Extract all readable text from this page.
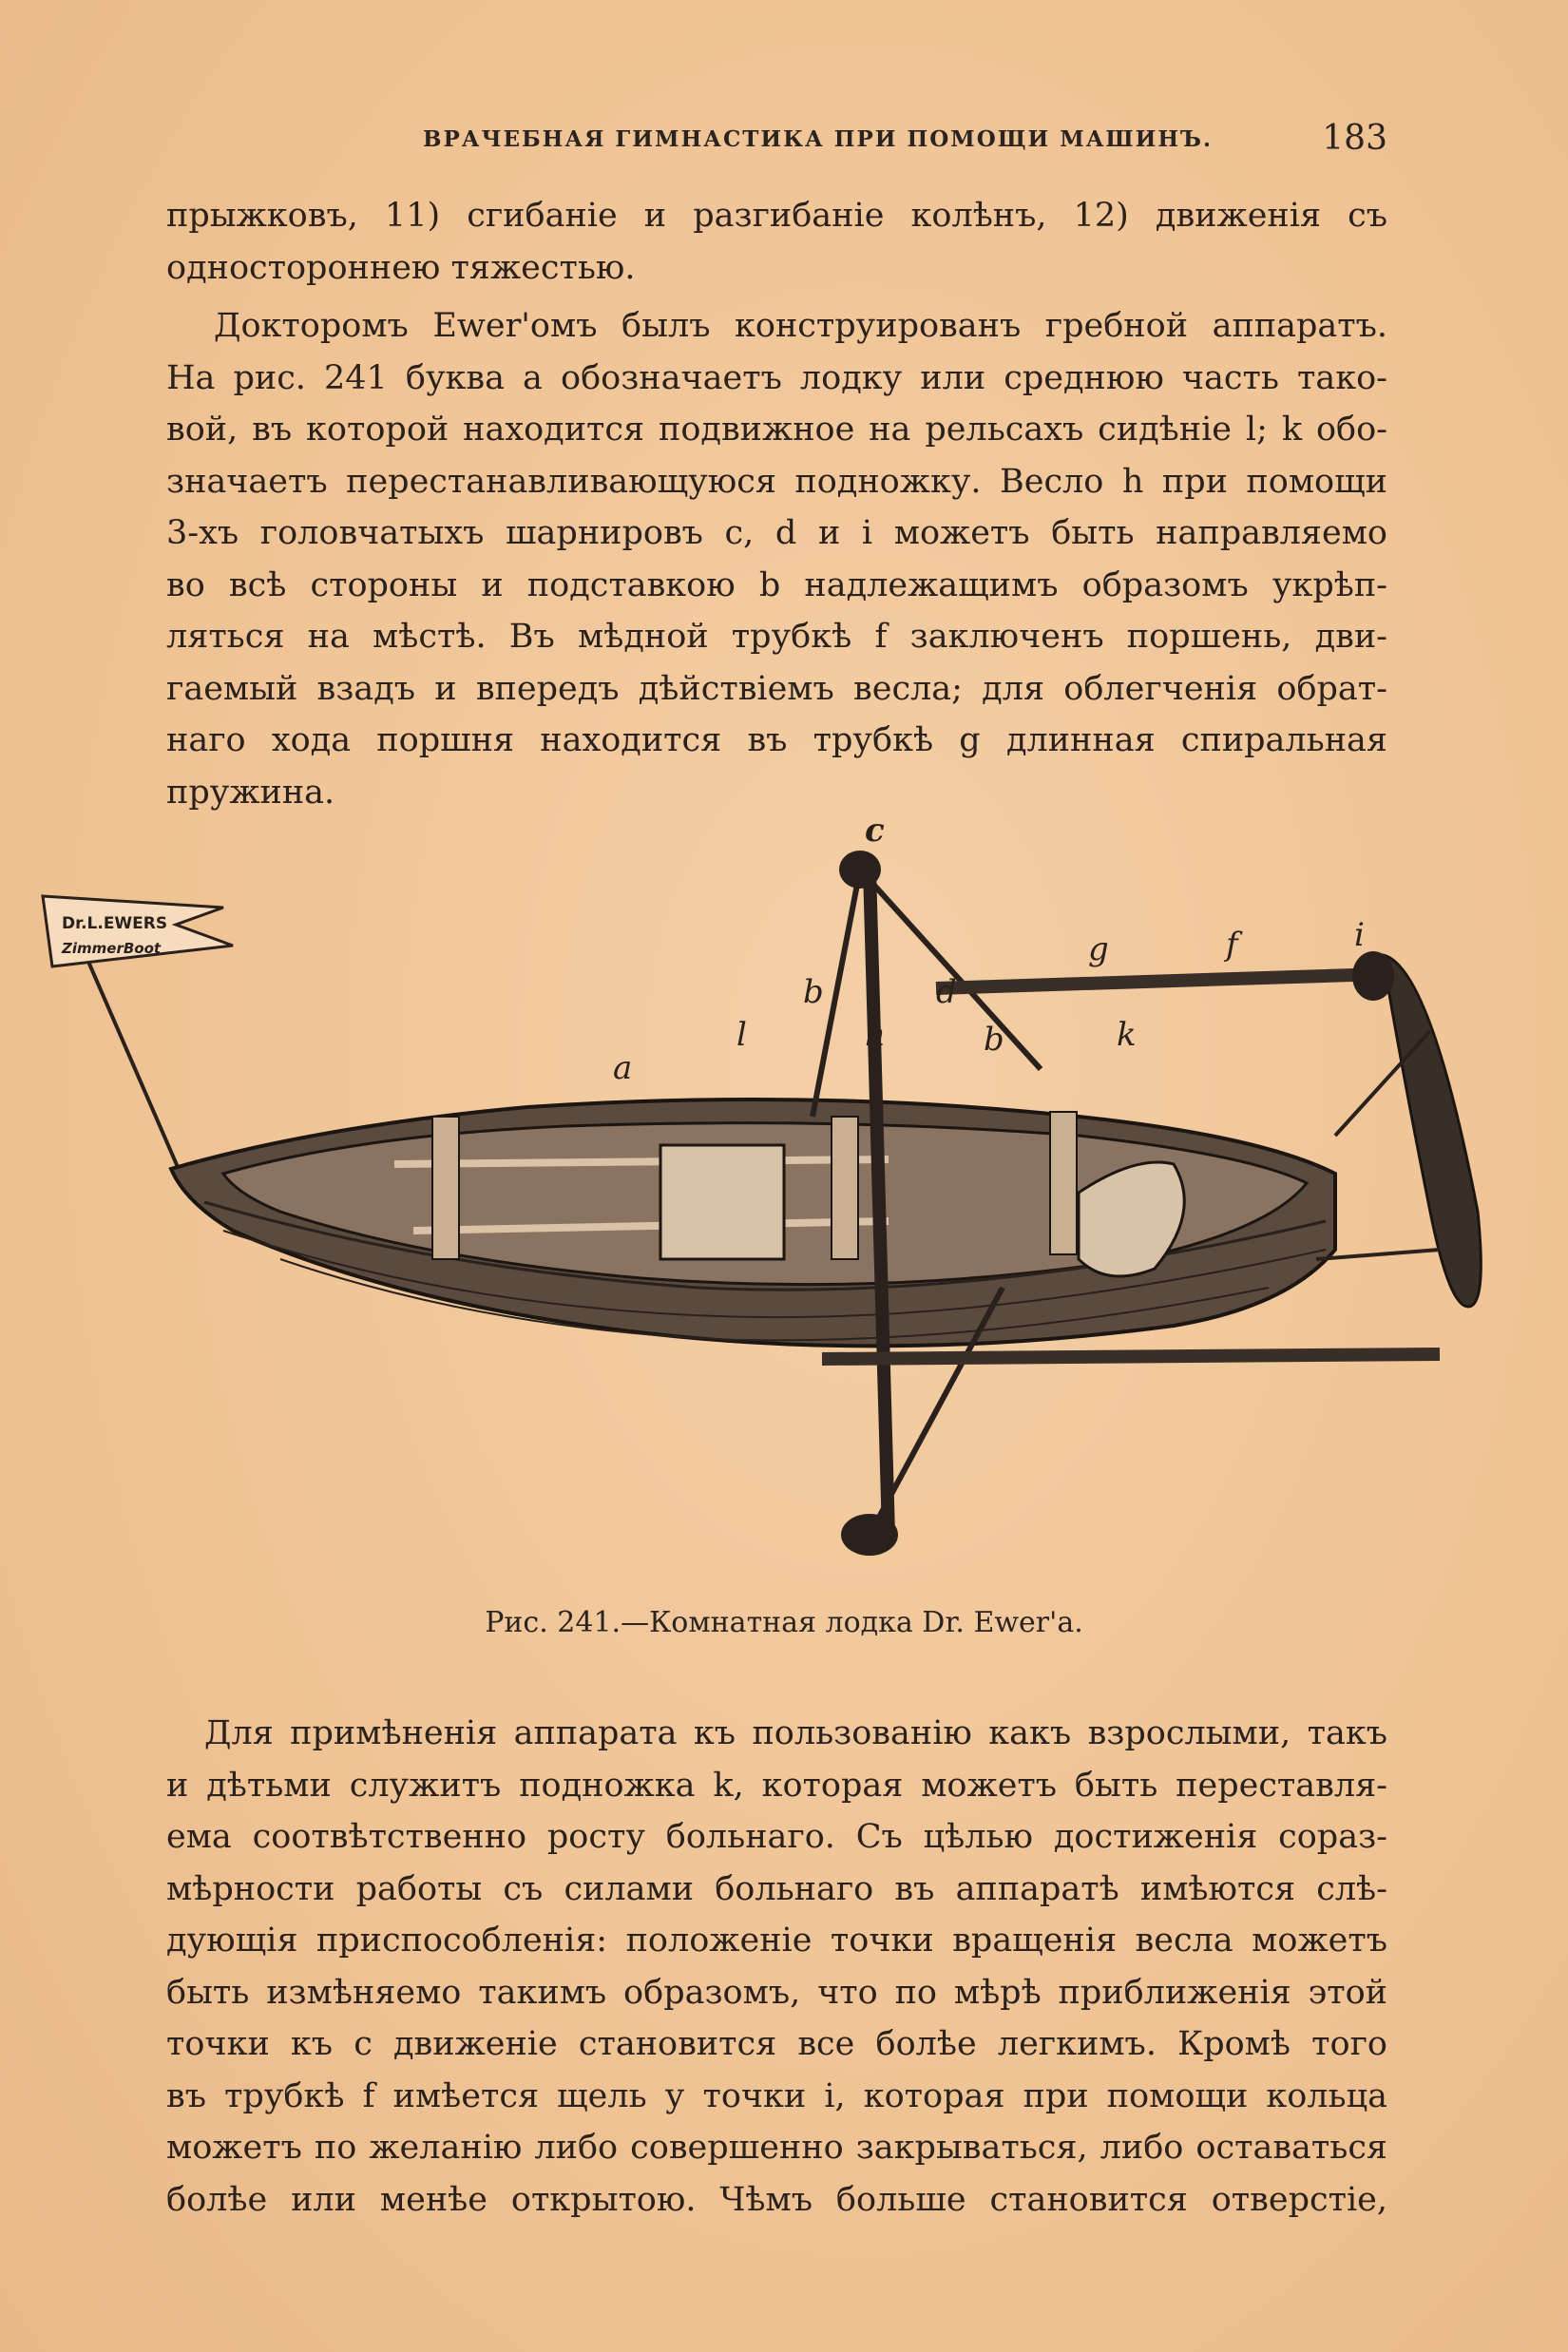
ВРАЧЕБНАЯ ГИМНАСТИКА ПРИ ПОМОЩИ МАШИНЪ.	183

прыжковъ, 11) сгибаніе и разгибаніе колѣнъ, 12) движенія съ
одностороннею тяжестью.

Докторомъ Ewer'омъ былъ конструированъ гребной аппаратъ.
На рис. 241 буква a обозначаетъ лодку или среднюю часть тако-
вой, въ которой находится подвижное на рельсахъ сидѣніе l; k обо-
значаетъ перестанавливающуюся подножку. Весло h при помощи
3-хъ головчатыхъ шарнировъ c, d и i можетъ быть направляемо
во всѣ стороны и подставкою b надлежащимъ образомъ укрѣп-
ляться на мѣстѣ. Въ мѣдной трубкѣ f заключенъ поршень, дви-
гаемый взадъ и впередъ дѣйствіемъ весла; для облегченія обрат-
наго хода поршня находится въ трубкѣ g длинная спиральная
пружина.

Dr.L.EWERS
ZimmerBoot
a
b
b
c
d
f
g
h
i
k
l
Рис. 241.—Комнатная лодка Dr. Ewer'a.

Для примѣненія аппарата къ пользованію какъ взрослыми, такъ
и дѣтьми служитъ подножка k, которая можетъ быть переставля-
ема соотвѣтственно росту больнаго. Съ цѣлью достиженія сораз-
мѣрности работы съ силами больнаго въ аппаратѣ имѣются слѣ-
дующія приспособленія: положеніе точки вращенія весла можетъ
быть измѣняемо такимъ образомъ, что по мѣрѣ приближенія этой
точки къ c движеніе становится все болѣе легкимъ. Кромѣ того
въ трубкѣ f имѣется щель у точки i, которая при помощи кольца
можетъ по желанію либо совершенно закрываться, либо оставаться
болѣе или менѣе открытою. Чѣмъ больше становится отверстіе,
